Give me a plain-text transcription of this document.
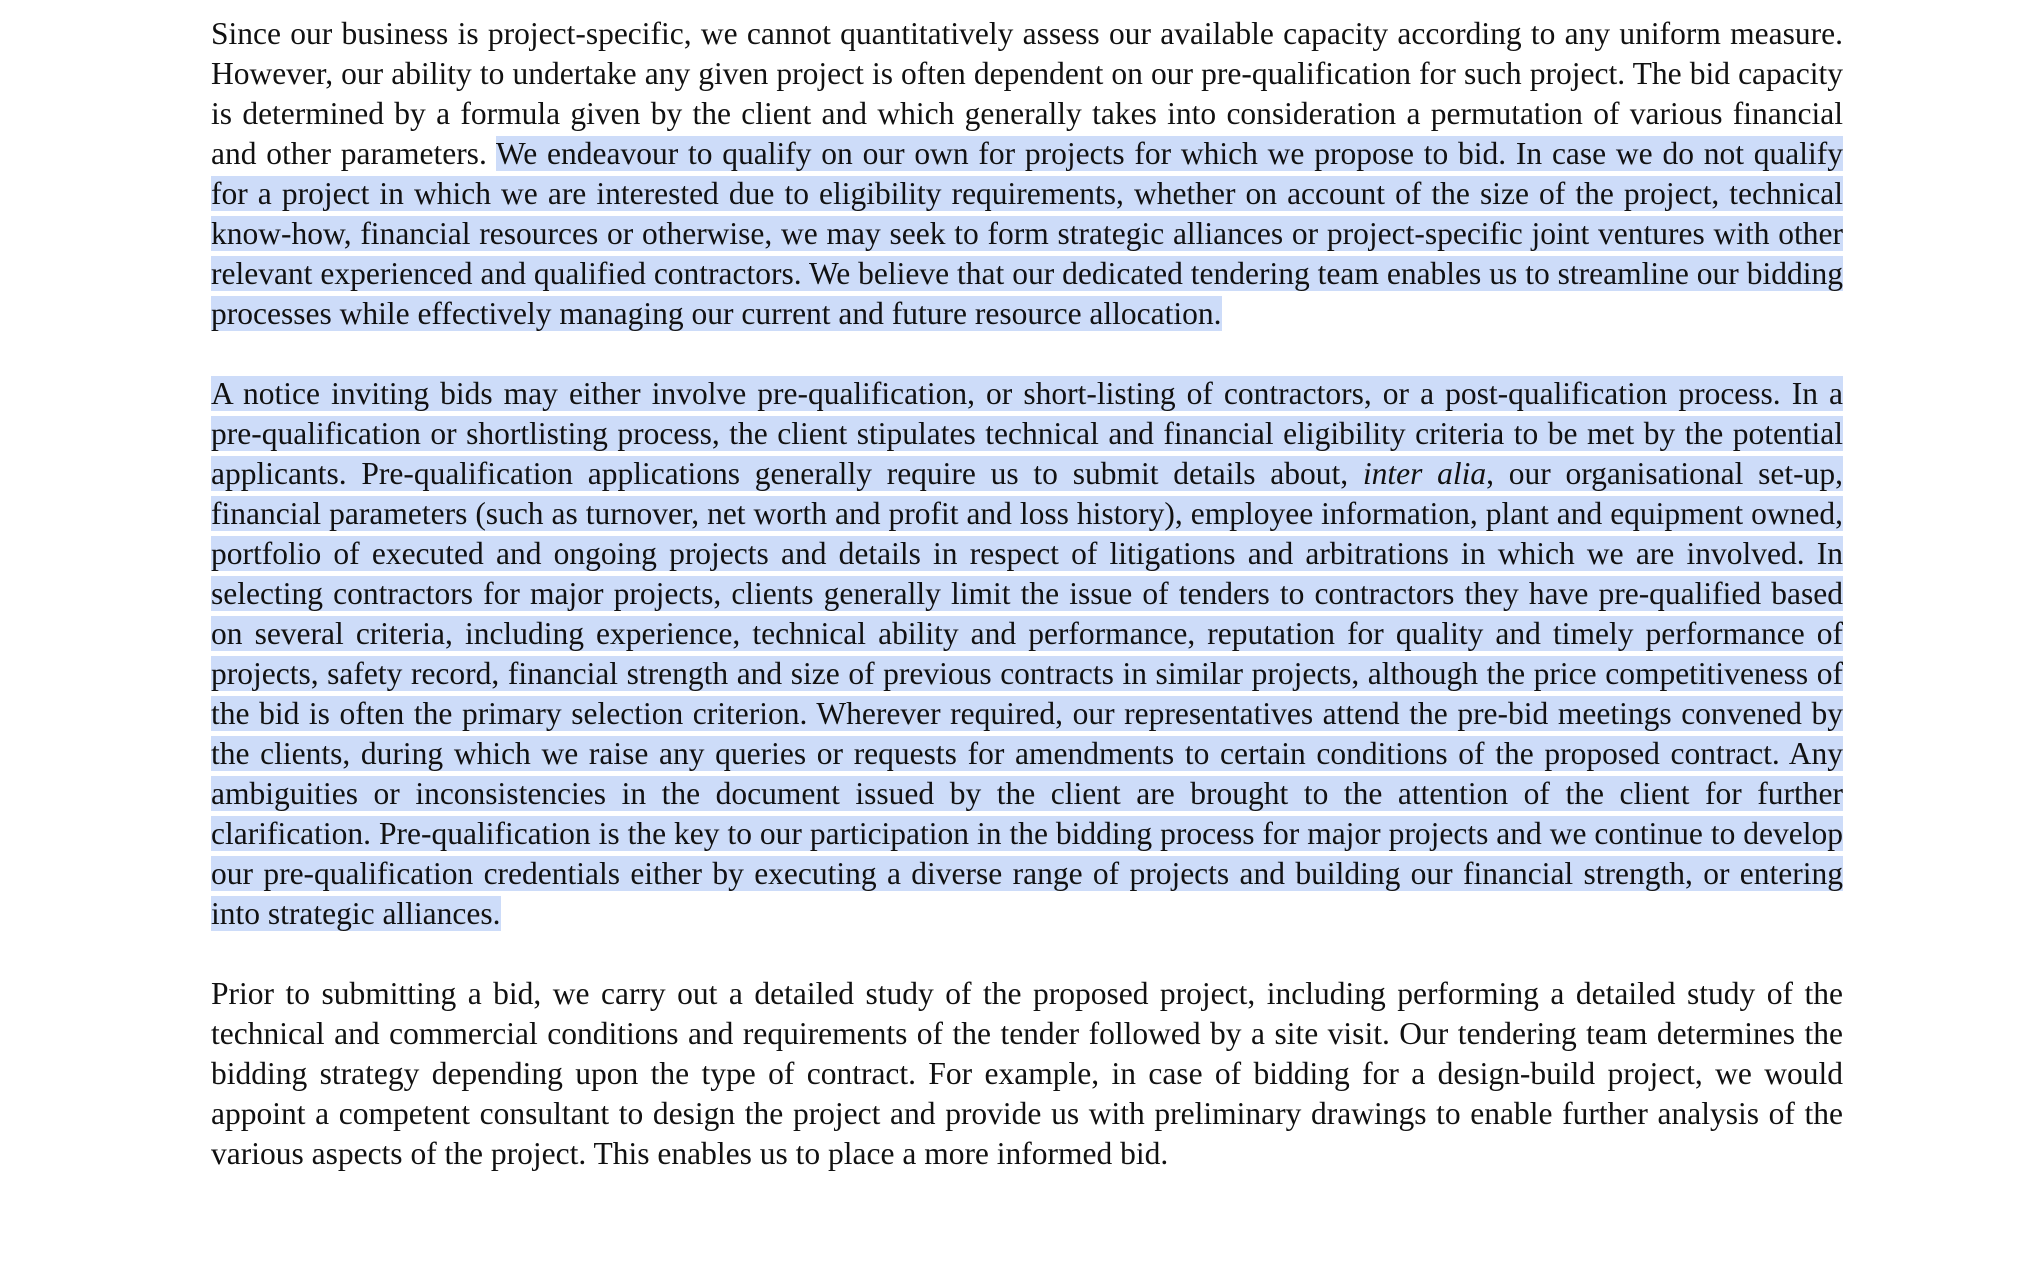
Since our business is project-specific, we cannot quantitatively assess our available capacity according to any uniform measure. However, our ability to undertake any given project is often dependent on our pre-qualification for such project. The bid capacity is determined by a formula given by the client and which generally takes into consideration a permutation of various financial and other parameters. We endeavour to qualify on our own for projects for which we propose to bid. In case we do not qualify for a project in which we are interested due to eligibility requirements, whether on account of the size of the project, technical know-how, financial resources or otherwise, we may seek to form strategic alliances or project-specific joint ventures with other relevant experienced and qualified contractors. We believe that our dedicated tendering team enables us to streamline our bidding processes while effectively managing our current and future resource allocation.

A notice inviting bids may either involve pre-qualification, or short-listing of contractors, or a post-qualification process. In a pre-qualification or shortlisting process, the client stipulates technical and financial eligibility criteria to be met by the potential applicants. Pre-qualification applications generally require us to submit details about, inter alia, our organisational set-up, financial parameters (such as turnover, net worth and profit and loss history), employee information, plant and equipment owned, portfolio of executed and ongoing projects and details in respect of litigations and arbitrations in which we are involved. In selecting contractors for major projects, clients generally limit the issue of tenders to contractors they have pre-qualified based on several criteria, including experience, technical ability and performance, reputation for quality and timely performance of projects, safety record, financial strength and size of previous contracts in similar projects, although the price competitiveness of the bid is often the primary selection criterion. Wherever required, our representatives attend the pre-bid meetings convened by the clients, during which we raise any queries or requests for amendments to certain conditions of the proposed contract. Any ambiguities or inconsistencies in the document issued by the client are brought to the attention of the client for further clarification. Pre-qualification is the key to our participation in the bidding process for major projects and we continue to develop our pre-qualification credentials either by executing a diverse range of projects and building our financial strength, or entering into strategic alliances.

Prior to submitting a bid, we carry out a detailed study of the proposed project, including performing a detailed study of the technical and commercial conditions and requirements of the tender followed by a site visit. Our tendering team determines the bidding strategy depending upon the type of contract. For example, in case of bidding for a design-build project, we would appoint a competent consultant to design the project and provide us with preliminary drawings to enable further analysis of the various aspects of the project. This enables us to place a more informed bid.
